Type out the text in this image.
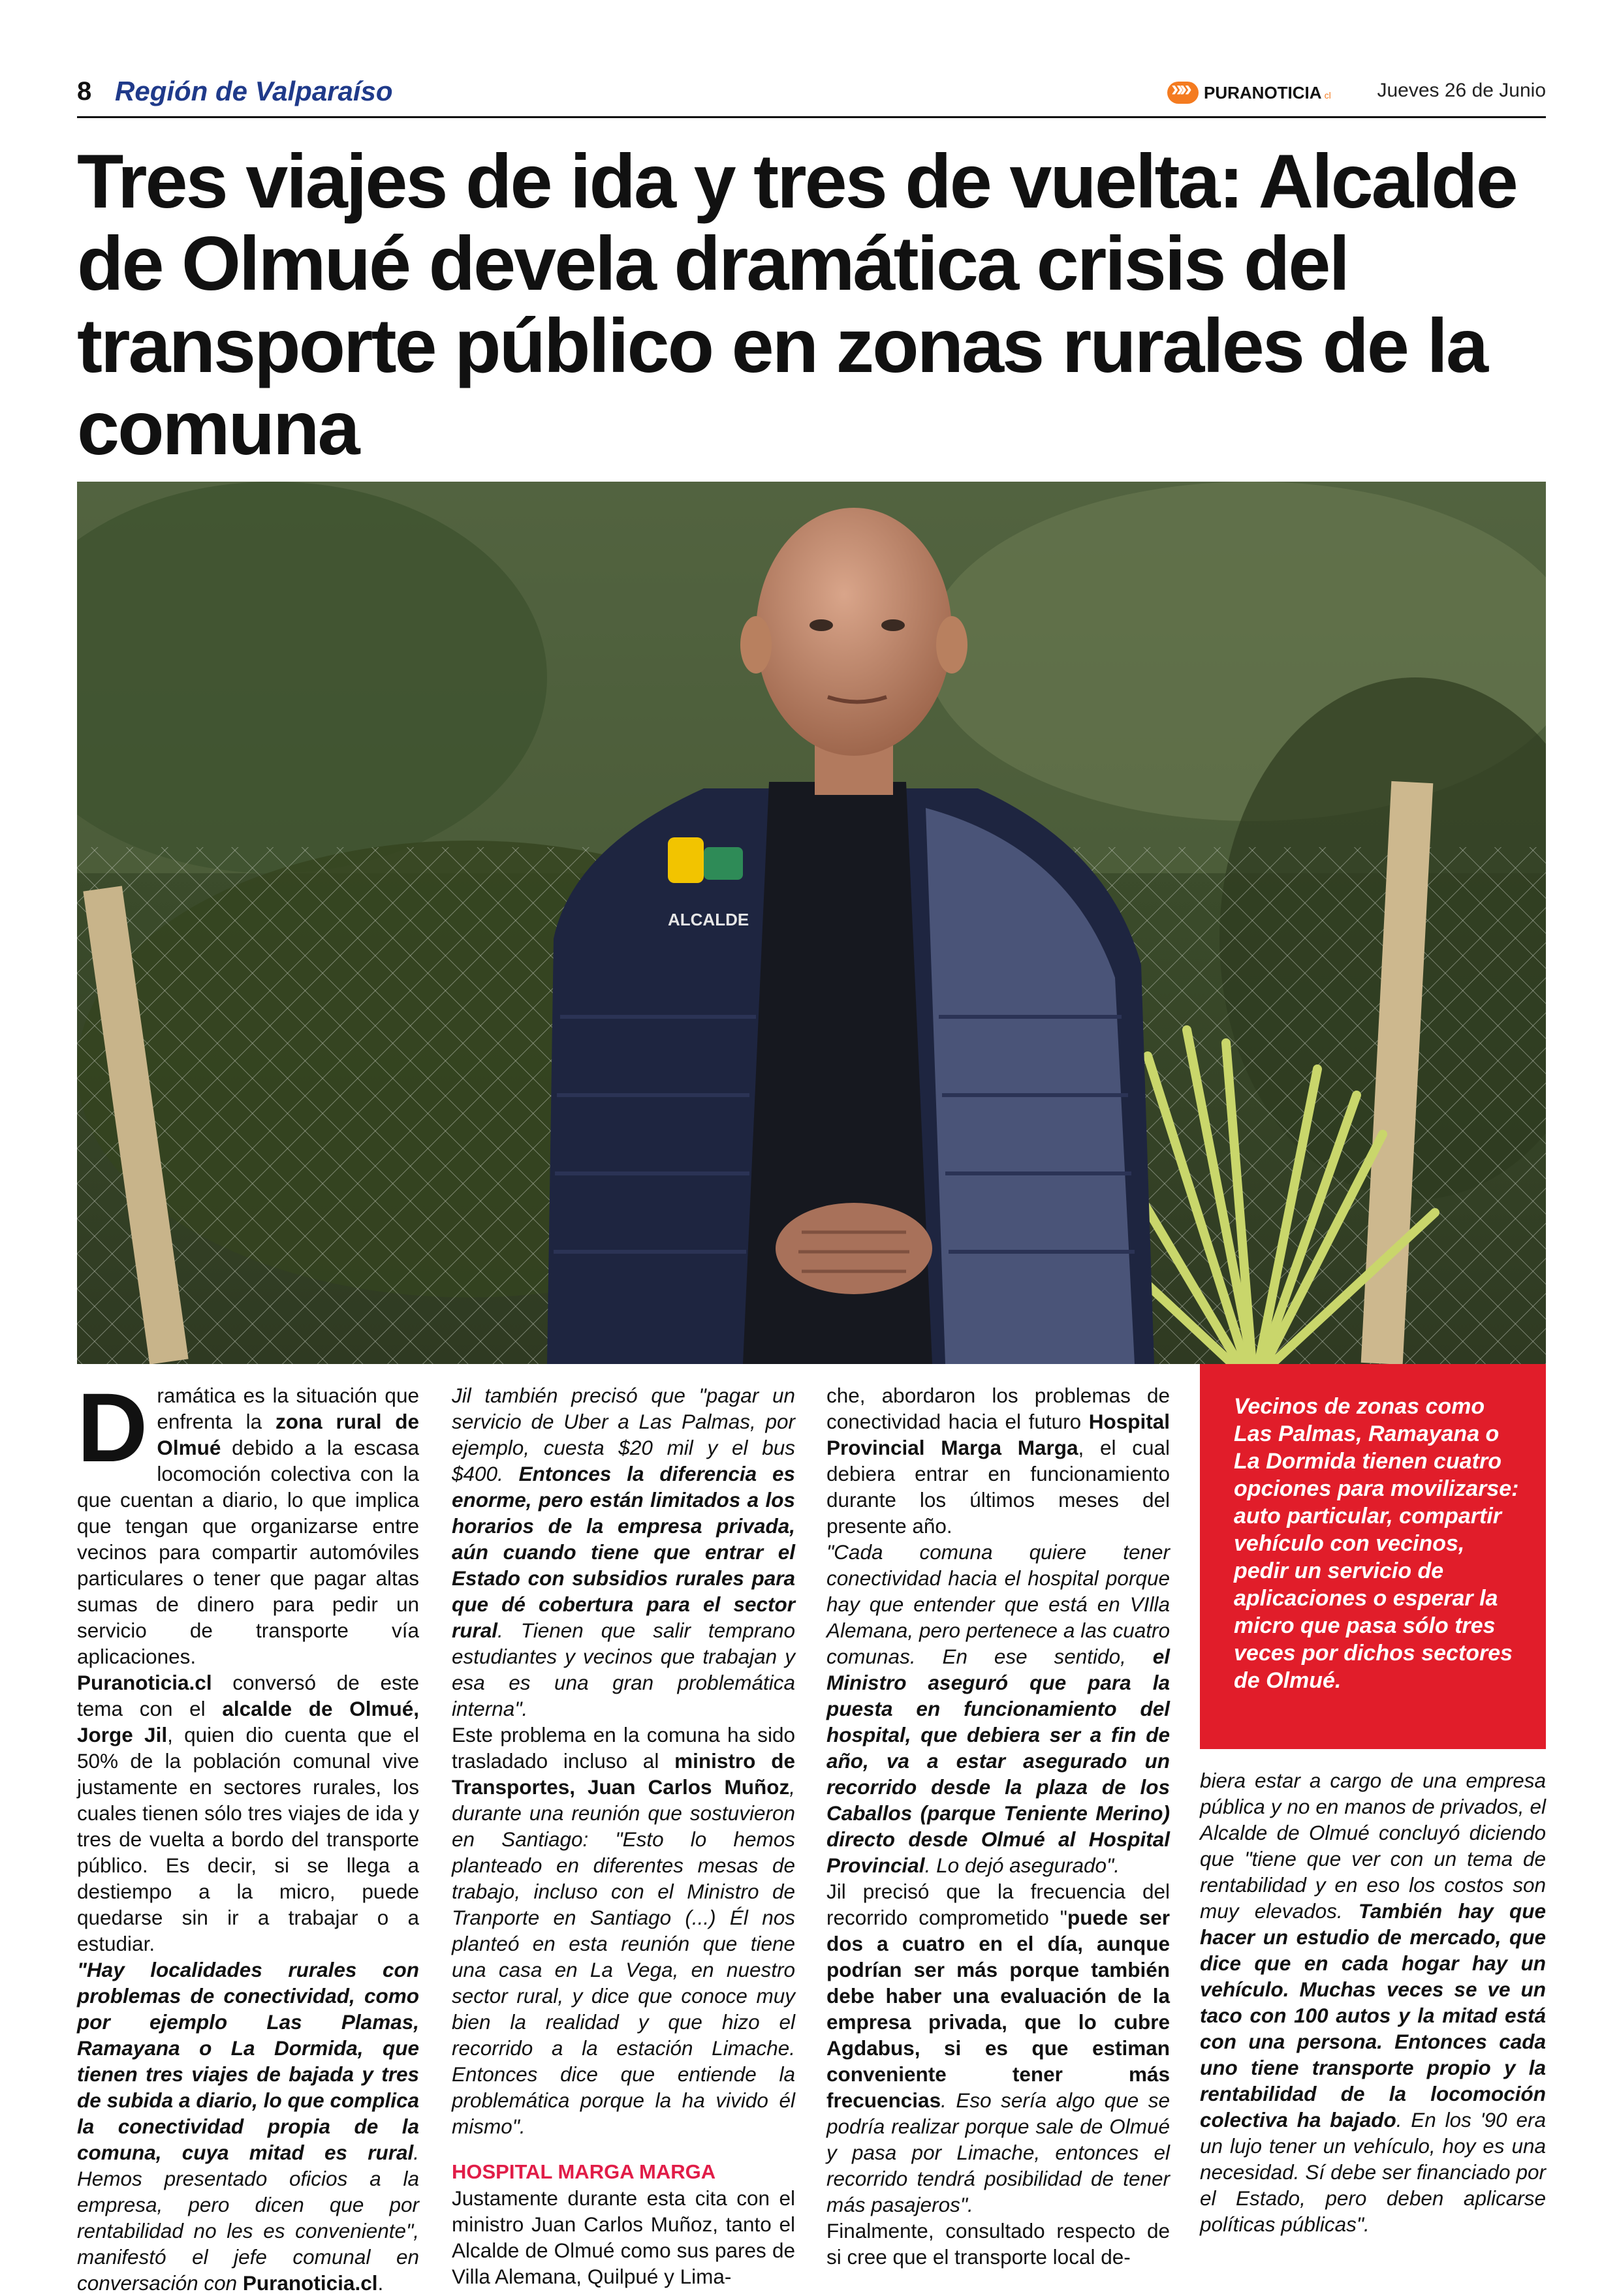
8 Región de Valparaíso
»»	PURANOTICIA cl Jueves 26 de Junio
Tres viajes de ida y tres de vuelta: Alcalde de Olmué devela dramática crisis del transporte público en zonas rurales de la comuna
ALCALDE

Dramática es la situación que enfrenta la zona rural de Olmué debido a la escasa locomoción colectiva con la que cuentan a diario, lo que implica que tengan que organizarse entre vecinos para compartir automóviles particulares o tener que pagar altas sumas de dinero para pedir un servicio de transporte vía aplicaciones.

Puranoticia.cl conversó de este tema con el alcalde de Olmué, Jorge Jil, quien dio cuenta que el 50% de la población comunal vive justamente en sectores rurales, los cuales tienen sólo tres viajes de ida y tres de vuelta a bordo del transporte público. Es decir, si se llega a destiempo a la micro, puede quedarse sin ir a trabajar o a estudiar.

"Hay localidades rurales con problemas de conectividad, como por ejemplo Las Plamas, Ramayana o La Dormida, que tienen tres viajes de bajada y tres de subida a diario, lo que complica la conectividad propia de la comuna, cuya mitad es rural. Hemos presentado oficios a la empresa, pero dicen que por rentabilidad no les es conveniente", manifestó el jefe comunal en conversación con Puranoticia.cl.

Jil también precisó que "pagar un servicio de Uber a Las Palmas, por ejemplo, cuesta $20 mil y el bus $400. Entonces la diferencia es enorme, pero están limitados a los horarios de la empresa privada, aún cuando tiene que entrar el Estado con subsidios rurales para que dé cobertura para el sector rural. Tienen que salir temprano estudiantes y vecinos que trabajan y esa es una gran problemática interna".

Este problema en la comuna ha sido trasladado incluso al ministro de Transportes, Juan Carlos Muñoz, durante una reunión que sostuvieron en Santiago: "Esto lo hemos planteado en diferentes mesas de trabajo, incluso con el Ministro de Tranporte en Santiago (...) Él nos planteó en esta reunión que tiene una casa en La Vega, en nuestro sector rural, y dice que conoce muy bien la realidad y que hizo el recorrido a la estación Limache. Entonces dice que entiende la problemática porque la ha vivido él mismo".

HOSPITAL MARGA MARGA

Justamente durante esta cita con el ministro Juan Carlos Muñoz, tanto el Alcalde de Olmué como sus pares de Villa Alemana, Quilpué y Lima-

che, abordaron los problemas de conectividad hacia el futuro Hospital Provincial Marga Marga, el cual debiera entrar en funcionamiento durante los últimos meses del presente año.

"Cada comuna quiere tener conectividad hacia el hospital porque hay que entender que está en VIlla Alemana, pero pertenece a las cuatro comunas. En ese sentido, el Ministro aseguró que para la puesta en funcionamiento del hospital, que debiera ser a fin de año, va a estar asegurado un recorrido desde la plaza de los Caballos (parque Teniente Merino) directo desde Olmué al Hospital Provincial. Lo dejó asegurado".

Jil precisó que la frecuencia del recorrido comprometido "puede ser dos a cuatro en el día, aunque podrían ser más porque también debe haber una evaluación de la empresa privada, que lo cubre Agdabus, si es que estiman conveniente tener más frecuencias. Eso sería algo que se podría realizar porque sale de Olmué y pasa por Limache, entonces el recorrido tendrá posibilidad de tener más pasajeros".

Finalmente, consultado respecto de si cree que el transporte local de-

Vecinos de zonas como Las Palmas, Ramayana o La Dormida tienen cuatro opciones para movilizarse: auto particular, compartir vehículo con vecinos, pedir un servicio de aplicaciones o esperar la micro que pasa sólo tres veces por dichos sectores de Olmué.

biera estar a cargo de una empresa pública y no en manos de privados, el Alcalde de Olmué concluyó diciendo que "tiene que ver con un tema de rentabilidad y en eso los costos son muy elevados. También hay que hacer un estudio de mercado, que dice que en cada hogar hay un vehículo. Muchas veces se ve un taco con 100 autos y la mitad está con una persona. Entonces cada uno tiene transporte propio y la rentabilidad de la locomoción colectiva ha bajado. En los '90 era un lujo tener un vehículo, hoy es una necesidad. Sí debe ser financiado por el Estado, pero deben aplicarse políticas públicas".
